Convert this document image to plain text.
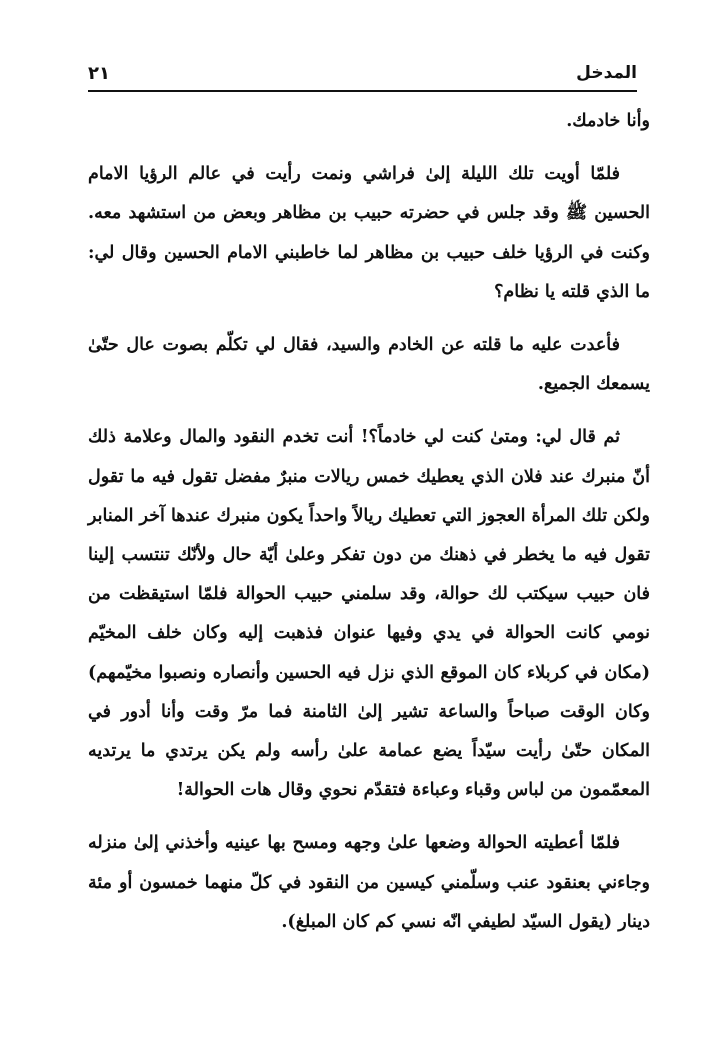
المدخل
٢١

وأنا خادمك.

فلمّا أويت تلك الليلة إلىٰ فراشي ونمت رأيت في عالم الرؤيا الامام الحسين ﷺ وقد جلس في حضرته حبيب بن مظاهر وبعض من استشهد معه. وكنت في الرؤيا خلف حبيب بن مظاهر لما خاطبني الامام الحسين وقال لي: ما الذي قلته يا نظام؟

فأعدت عليه ما قلته عن الخادم والسيد، فقال لي تكلّم بصوت عال حتّىٰ يسمعك الجميع.

ثم قال لي: ومتىٰ كنت لي خادماً؟! أنت تخدم النقود والمال وعلامة ذلك أنّ منبرك عند فلان الذي يعطيك خمس ريالات منبرٌ مفضل تقول فيه ما تقول ولكن تلك المرأة العجوز التي تعطيك ريالاً واحداً يكون منبرك عندها آخر المنابر تقول فيه ما يخطر في ذهنك من دون تفكر وعلىٰ أيّة حال ولأنّك تنتسب إلينا فان حبيب سيكتب لك حوالة، وقد سلمني حبيب الحوالة فلمّا استيقظت من نومي كانت الحوالة في يدي وفيها عنوان فذهبت إليه وكان خلف المخيّم (مكان في كربلاء كان الموقع الذي نزل فيه الحسين وأنصاره ونصبوا مخيّمهم) وكان الوقت صباحاً والساعة تشير إلىٰ الثامنة فما مرّ وقت وأنا أدور في المكان حتّىٰ رأيت سيّداً يضع عمامة علىٰ رأسه ولم يكن يرتدي ما يرتديه المعمّمون من لباس وقباء وعباءة فتقدّم نحوي وقال هات الحوالة!

فلمّا أعطيته الحوالة وضعها علىٰ وجهه ومسح بها عينيه وأخذني إلىٰ منزله وجاءني بعنقود عنب وسلّمني كيسين من النقود في كلّ منهما خمسون أو مئة دينار (يقول السيّد لطيفي انّه نسي كم كان المبلغ).
